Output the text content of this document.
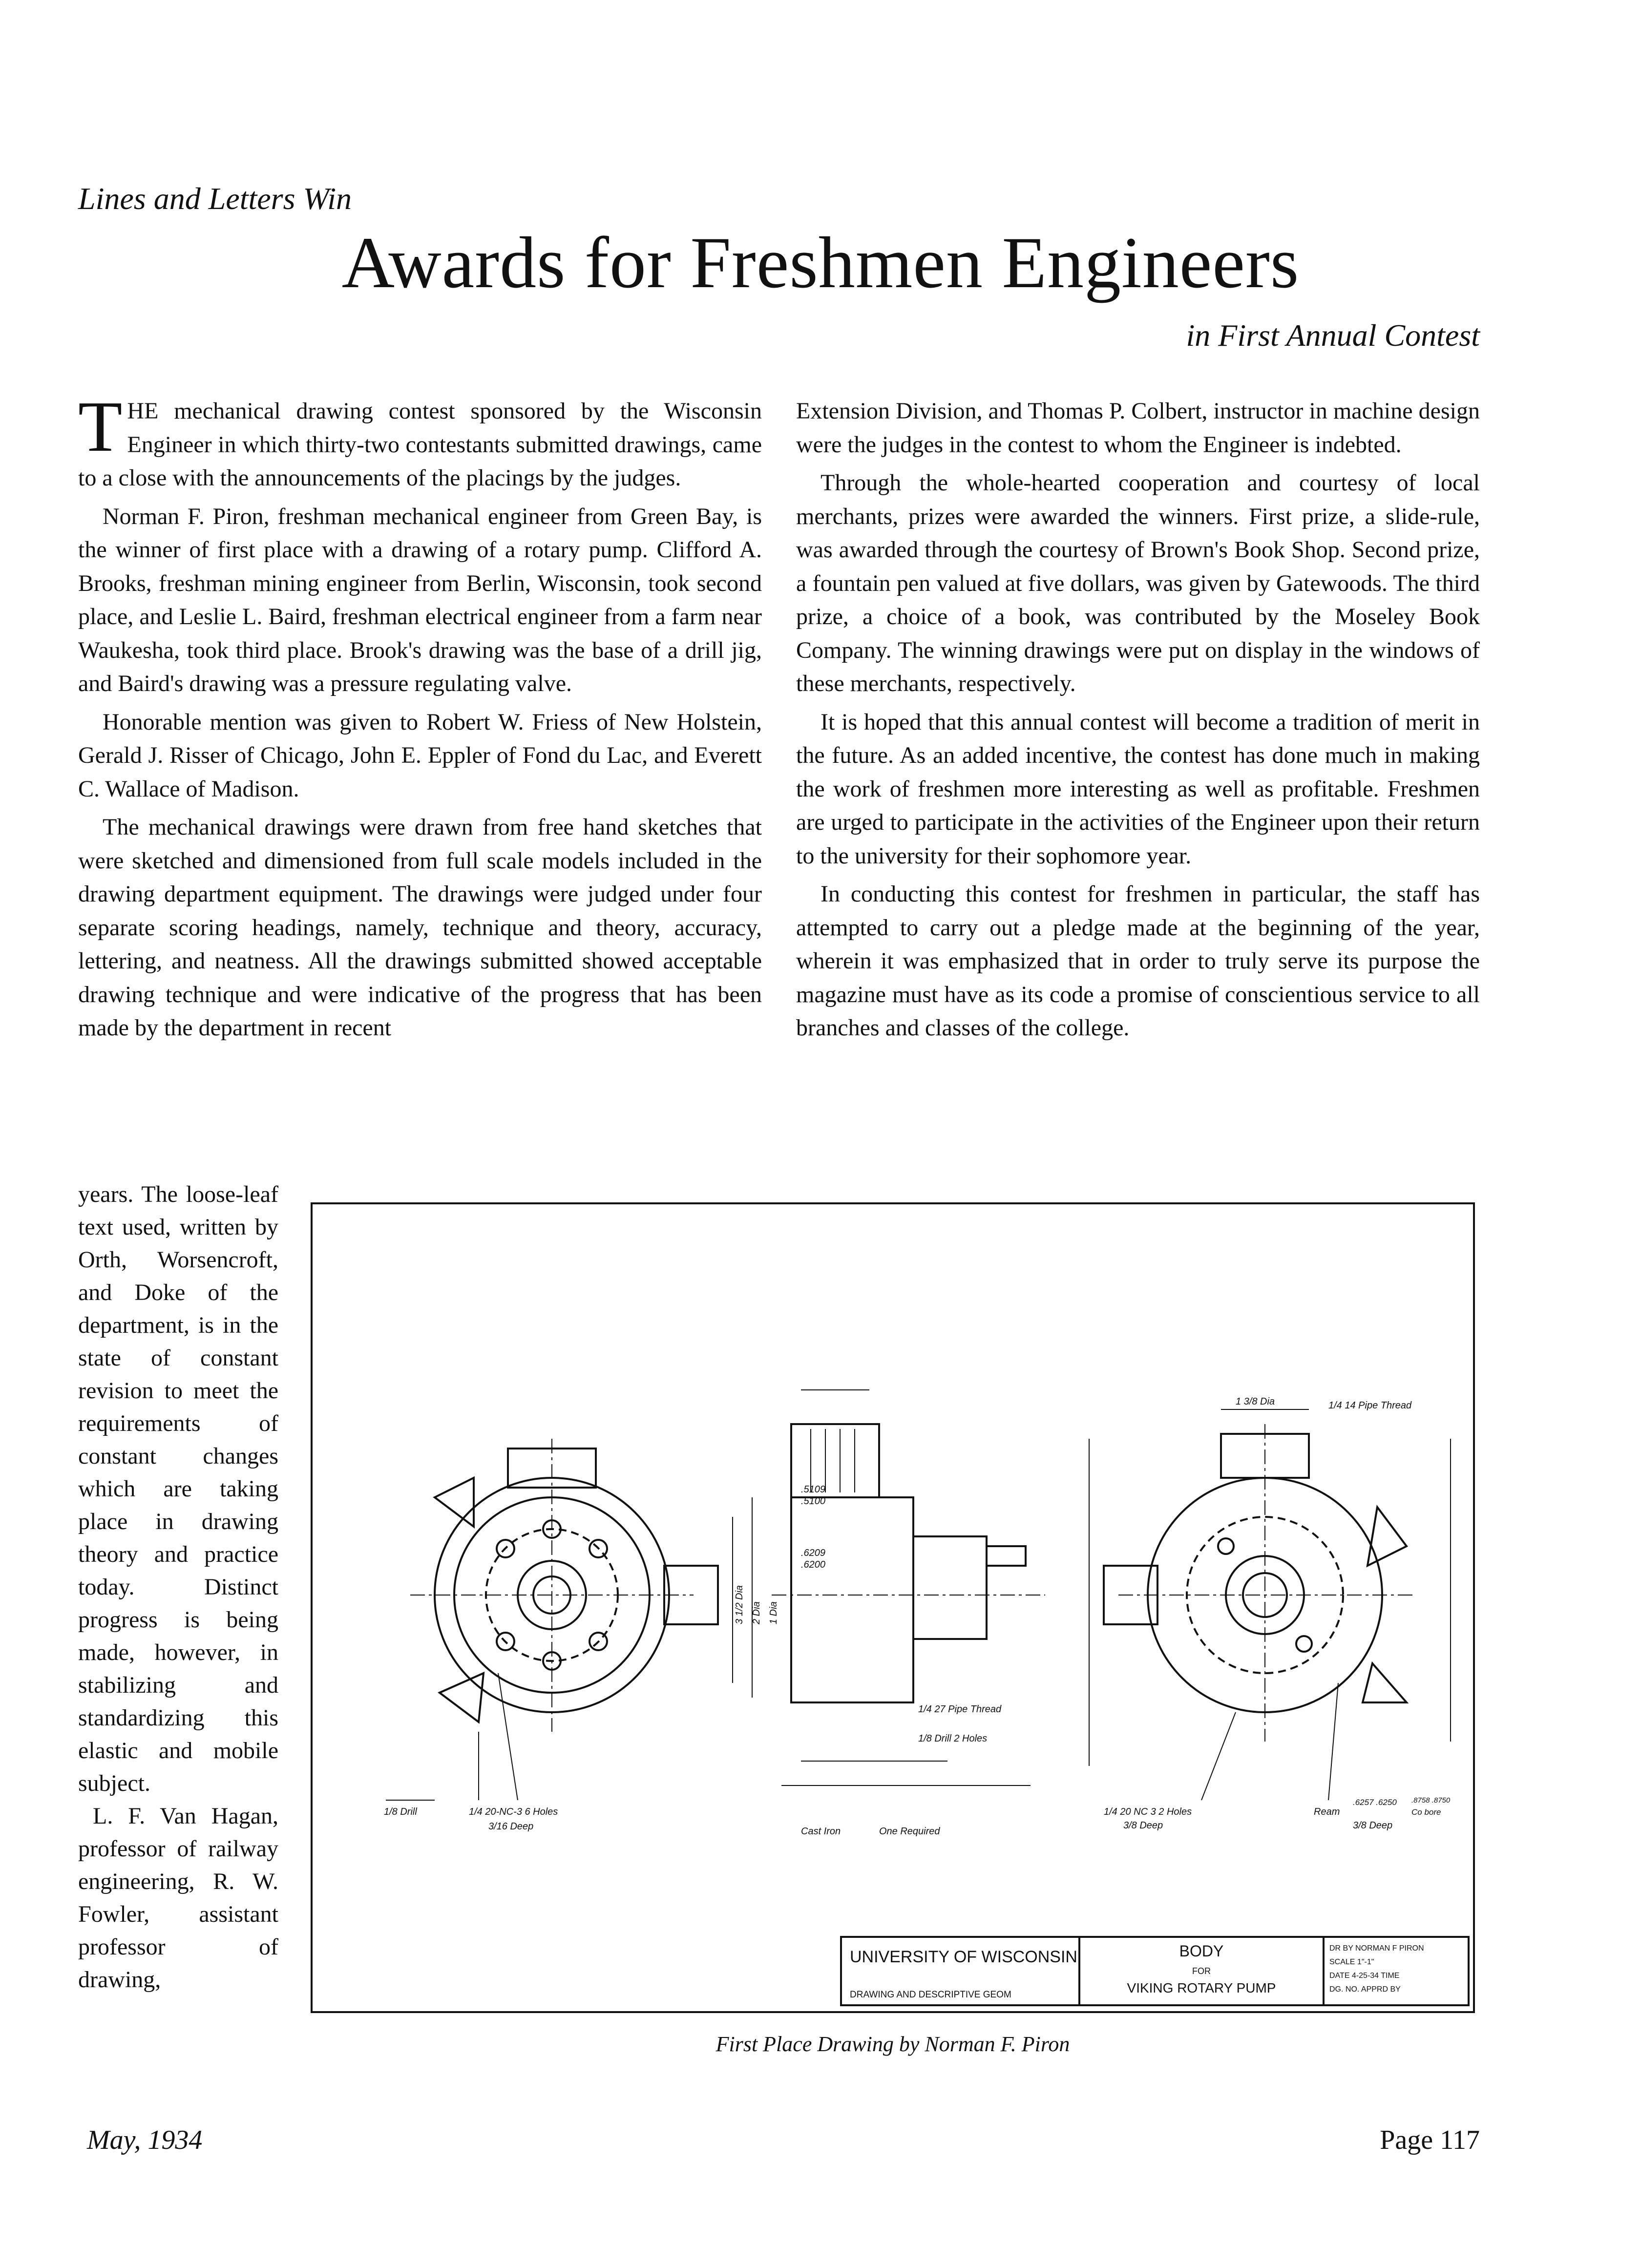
Lines and Letters Win
Awards for Freshmen Engineers
in First Annual Contest

THE mechanical drawing contest sponsored by the Wisconsin Engineer in which thirty-two contestants submitted drawings, came to a close with the announcements of the placings by the judges.

Norman F. Piron, freshman mechanical engineer from Green Bay, is the winner of first place with a drawing of a rotary pump. Clifford A. Brooks, freshman mining engineer from Berlin, Wisconsin, took second place, and Leslie L. Baird, freshman electrical engineer from a farm near Waukesha, took third place. Brook's drawing was the base of a drill jig, and Baird's drawing was a pressure regulating valve.

Honorable mention was given to Robert W. Friess of New Holstein, Gerald J. Risser of Chicago, John E. Eppler of Fond du Lac, and Everett C. Wallace of Madison.

The mechanical drawings were drawn from free hand sketches that were sketched and dimensioned from full scale models included in the drawing department equipment. The drawings were judged under four separate scoring headings, namely, technique and theory, accuracy, lettering, and neatness. All the drawings submitted showed acceptable drawing technique and were indicative of the progress that has been made by the department in recent

years. The loose-leaf text used, written by Orth, Worsencroft, and Doke of the department, is in the state of constant revision to meet the requirements of constant changes which are taking place in drawing theory and practice today. Distinct progress is being made, however, in stabilizing and standardizing this elastic and mobile subject.

L. F. Van Hagan, professor of railway engineering, R. W. Fowler, assistant professor of drawing,

Extension Division, and Thomas P. Colbert, instructor in machine design were the judges in the contest to whom the Engineer is indebted.

Through the whole-hearted cooperation and courtesy of local merchants, prizes were awarded the winners. First prize, a slide-rule, was awarded through the courtesy of Brown's Book Shop. Second prize, a fountain pen valued at five dollars, was given by Gatewoods. The third prize, a choice of a book, was contributed by the Moseley Book Company. The winning drawings were put on display in the windows of these merchants, respectively.

It is hoped that this annual contest will become a tradition of merit in the future. As an added incentive, the contest has done much in making the work of freshmen more interesting as well as profitable. Freshmen are urged to participate in the activities of the Engineer upon their return to the university for their sophomore year.

In conducting this contest for freshmen in particular, the staff has attempted to carry out a pledge made at the beginning of the year, wherein it was emphasized that in order to truly serve its purpose the magazine must have as its code a promise of conscientious service to all branches and classes of the college.

1/8 Drill	1/4 20-NC-3 6 Holes
3/16 Deep	Cast Iron	One Required
1/4 27 Pipe Thread
1/8 Drill 2 Holes
.5109
.5100
.6209
.6200
1/4 20 NC 3 2 Holes
3/8 Deep
Ream
.6257 .6250
Co bore
.8758 .8750
3/8 Deep
1/4 14 Pipe Thread
1 3/8 Dia
3 1/2 Dia 2 Dia 1 Dia
UNIVERSITY OF WISCONSIN
DRAWING AND DESCRIPTIVE GEOM
BODY
FOR
VIKING ROTARY PUMP
DR BY NORMAN F PIRON
SCALE 1"-1"
DATE 4-25-34 TIME
DG. NO. APPRD BY
First Place Drawing by Norman F. Piron
May, 1934	Page 117
